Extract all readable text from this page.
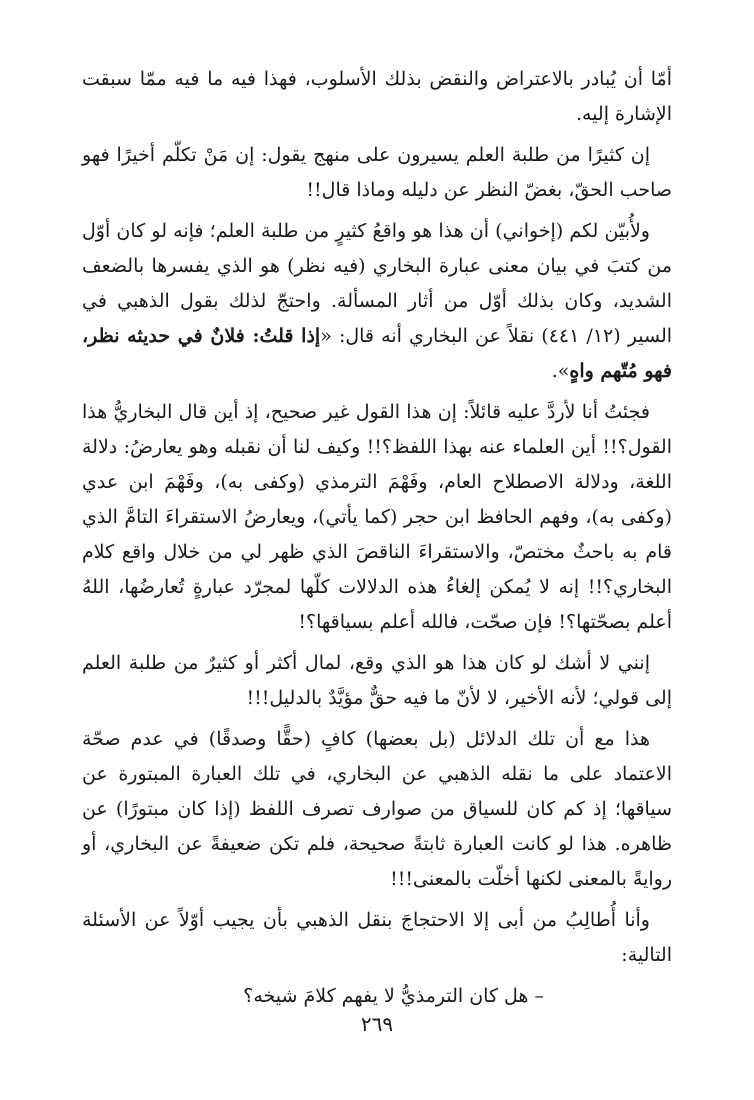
أمّا أن يُبادر بالاعتراض والنقض بذلك الأسلوب، فهذا فيه ما فيه ممّا سبقت الإشارة إليه.

إن كثيرًا من طلبة العلم يسيرون على منهج يقول: إن مَنْ تكلّم أخيرًا فهو صاحب الحقّ، بغضّ النظر عن دليله وماذا قال!!

ولأُبيّن لكم (إخواني) أن هذا هو واقعُ كثيرٍ من طلبة العلم؛ فإنه لو كان أوّل من كتبَ في بيان معنى عبارة البخاري (فيه نظر) هو الذي يفسرها بالضعف الشديد، وكان بذلك أوّل من أثار المسألة. واحتجّ لذلك بقول الذهبي في السير (١٢/ ٤٤١) نقلاً عن البخاري أنه قال: «إذا قلتُ: فلانٌ في حديثه نظر، فهو مُتّهم واهٍ».

فجئتُ أنا لأردَّ عليه قائلاً: إن هذا القول غير صحيح، إذ أين قال البخاريُّ هذا القول؟!! أين العلماء عنه بهذا اللفظ؟!! وكيف لنا أن نقبله وهو يعارضُ: دلالة اللغة، ودلالة الاصطلاح العام، وفَهْمَ الترمذي (وكفى به)، وفَهْمَ ابن عدي (وكفى به)، وفهم الحافظ ابن حجر (كما يأتي)، ويعارضُ الاستقراءَ التامَّ الذي قام به باحثٌ مختصّ، والاستقراءَ الناقصَ الذي ظهر لي من خلال واقع كلام البخاري؟!! إنه لا يُمكن إلغاءُ هذه الدلالات كلّها لمجرّد عبارةٍ تُعارضُها، اللهُ أعلم بصحّتها؟! فإن صحّت، فالله أعلم بسياقها؟!

إنني لا أشك لو كان هذا هو الذي وقع، لمال أكثر أو كثيرٌ من طلبة العلم إلى قولي؛ لأنه الأخير، لا لأنّ ما فيه حقٌّ مؤيَّدٌ بالدليل!!!

هذا مع أن تلك الدلائل (بل بعضها) كافٍ (حقًّا وصدقًا) في عدم صحّة الاعتماد على ما نقله الذهبي عن البخاري، في تلك العبارة المبتورة عن سياقها؛ إذ كم كان للسياق من صوارف تصرف اللفظ (إذا كان مبتورًا) عن ظاهره. هذا لو كانت العبارة ثابتةً صحيحة، فلم تكن ضعيفةً عن البخاري، أو روايةً بالمعنى لكنها أخلّت بالمعنى!!!

وأنا أُطالِبُ من أبى إلا الاحتجاجَ بنقل الذهبي بأن يجيب أوّلاً عن الأسئلة التالية:

– هل كان الترمذيُّ لا يفهم كلامَ شيخه؟
٢٦٩
